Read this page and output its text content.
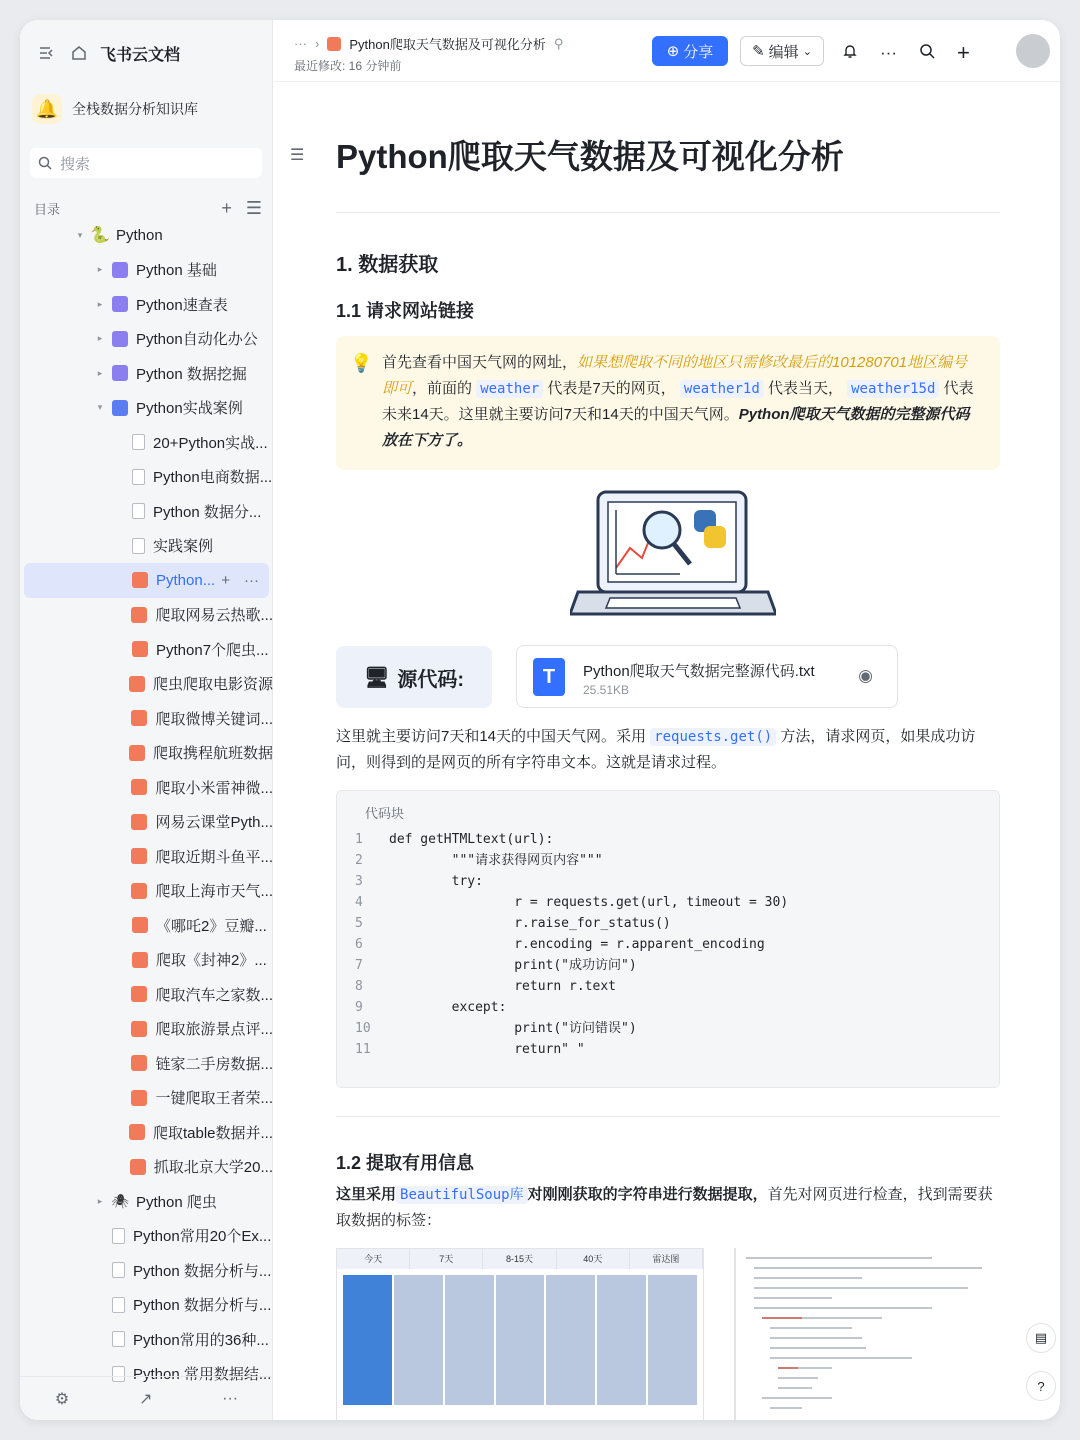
飞书云文档
🔔 全栈数据分析知识库
搜索
目录	+ ☰
▾ 🐍 Python
▸ Python 基础
▸ Python速查表
▸ Python自动化办公
▸ Python 数据挖掘
▾ Python实战案例
20+Python实战...
Python电商数据...
Python 数据分...
实践案例
Python... + ···
爬取网易云热歌...
Python7个爬虫...
爬虫爬取电影资源
爬取微博关键词...
爬取携程航班数据
爬取小米雷神微...
网易云课堂Pyth...
爬取近期斗鱼平...
爬取上海市天气...
《哪吒2》豆瓣...
爬取《封神2》...
爬取汽车之家数...
爬取旅游景点评...
链家二手房数据...
一键爬取王者荣...
爬取table数据并...
抓取北京大学20...
▸ 🕷 Python 爬虫
Python常用20个Ex...
Python 数据分析与...
Python 数据分析与...
Python常用的36种...
Python 常用数据结...
⚙	↗	···
··· › Python爬取天气数据及可视化分析 ⚲
最近修改: 16 分钟前
⊕ 分享	✎ 编辑 ⌄	···	+
☰ Python爬取天气数据及可视化分析
1. 数据获取
1.1 请求网站链接
💡 首先查看中国天气网的网址，如果想爬取不同的地区只需修改最后的101280701地区编号即可，前面的 weather 代表是7天的网页， weather1d 代表当天， weather15d 代表未来14天。这里就主要访问7天和14天的中国天气网。Python爬取天气数据的完整源代码放在下方了。
🖥 源代码:	T	Python爬取天气数据完整源代码.txt
25.51KB
◉
这里就主要访问7天和14天的中国天气网。采用 requests.get() 方法，请求网页，如果成功访问，则得到的是网页的所有字符串文本。这就是请求过程。
代码块
1 def getHTMLtext(url):
2        """请求获得网页内容"""
3        try:
4                r = requests.get(url, timeout = 30)
5                r.raise_for_status()
6                r.encoding = r.apparent_encoding
7                print("成功访问")
8                return r.text
9        except:
10                print("访问错误")
11                return" "

1.2 提取有用信息
这里采用 BeautifulSoup库 对刚刚获取的字符串进行数据提取，首先对网页进行检查，找到需要获取数据的标签：
今天	7天	8-15天	40天	雷达图
▤
?
